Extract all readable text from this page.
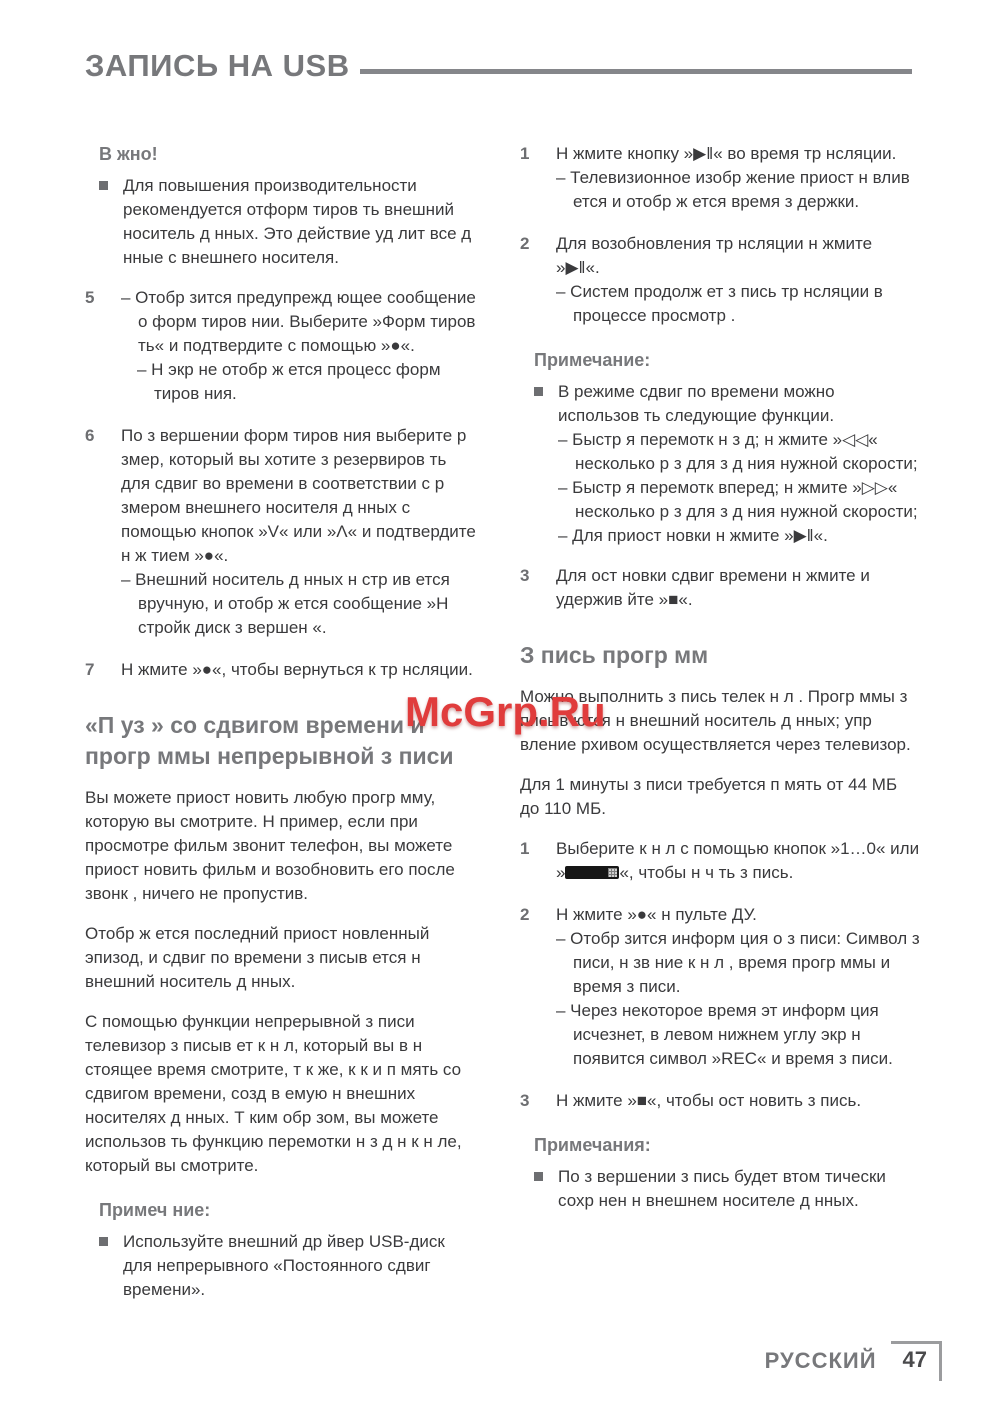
ЗАПИСЬ НА USB
В жно!
Для повышения производительности рекомендуется отформ тиров ть внешний носитель д нных. Это действие уд лит все д нные с внешнего носителя.
5 – Отобр зится предупрежд ющее сообщение о форм тиров нии. Выберите »Форм тиров ть« и подтвердите с помощью »●«.
– Н экр не отобр ж ется процесс форм тиров ния.
6 По з вершении форм тиров ния выберите р змер, который вы хотите з резервиров ть для сдвиг во времени в соответствии с р змером внешнего носителя д нных с помощью кнопок »V« или »Λ« и подтвердите н ж тием »●«.
– Внешний носитель д нных н стр ив ется вручную, и отобр ж ется сообщение »Н стройк диск з вершен «.
7 Н жмите »●«, чтобы вернуться к тр нсляции.
«П уз » со сдвигом времени и прогр ммы непрерывной з писи
Вы можете приост новить любую прогр мму, которую вы смотрите. Н пример, если при просмотре фильм звонит телефон, вы можете приост новить фильм и возобновить его после звонк , ничего не пропустив.
Отобр ж ется последний приост новленный эпизод, и сдвиг по времени з писыв ется н внешний носитель д нных.
С помощью функции непрерывной з писи телевизор з писыв ет к н л, который вы в н стоящее время смотрите, т к же, к к и п мять со сдвигом времени, созд в емую н внешних носителях д нных. Т ким обр зом, вы можете использов ть функцию перемотки н з д н к н ле, который вы смотрите.
Примеч ние:
Используйте внешний др йвер USB-диск для непрерывного «Постоянного сдвиг времени».
1 Н жмите кнопку »▶‖« во время тр нсляции.
– Телевизионное изобр жение приост н влив ется и отобр ж ется время з держки.
2 Для возобновления тр нсляции н жмите »▶‖«.
– Систем продолж ет з пись тр нсляции в процессе просмотр .
Примечание:
В режиме сдвиг по времени можно использов ть следующие функции.
– Быстр я перемотк н з д; н жмите »◁◁« несколько р з для з д ния нужной скорости;
– Быстр я перемотк вперед; н жмите »▷▷« несколько р з для з д ния нужной скорости;
– Для приост новки н жмите »▶‖«.
3 Для ост новки сдвиг времени н жмите и удержив йте »■«.
З пись прогр мм
Можно выполнить з пись телек н л . Прогр ммы з писыв ются н внешний носитель д нных; упр вление рхивом осуществляется через телевизор.
Для 1 минуты з писи требуется п мять от 44 МБ до 110 МБ.
1 Выберите к н л с помощью кнопок »1…0« или »	«, чтобы н ч ть з пись.
2 Н жмите »●« н пульте ДУ.
– Отобр зится информ ция о з писи: Символ з писи, н зв ние к н л , время прогр ммы и время з писи.
– Через некоторое время эт информ ция исчезнет, в левом нижнем углу экр н появится символ »REC« и время з писи.
3 Н жмите »■«, чтобы ост новить з пись.
Примечания:
По з вершении з пись будет втом тически сохр нен н внешнем носителе д нных.
McGrp.Ru
РУССКИЙ	47
